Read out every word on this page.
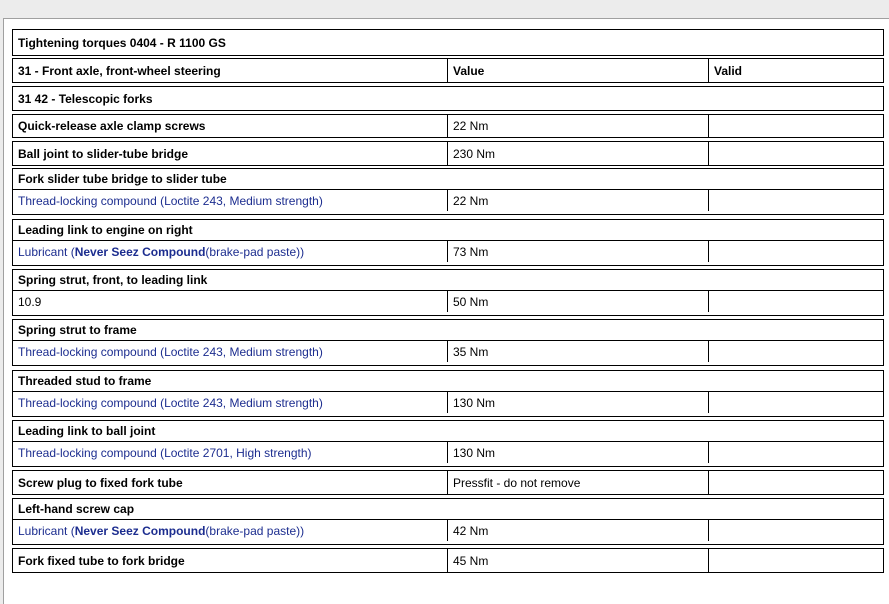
Tightening torques 0404 - R 1100 GS
31 - Front axle, front-wheel steering	Value	Valid
31 42 - Telescopic forks
Quick-release axle clamp screws	22 Nm
Ball joint to slider-tube bridge	230 Nm
Fork slider tube bridge to slider tube
Thread-locking compound (Loctite 243, Medium strength)	22 Nm
Leading link to engine on right
Lubricant ( Never Seez Compound (brake-pad paste))	73 Nm
Spring strut, front, to leading link
10.9	50 Nm
Spring strut to frame
Thread-locking compound (Loctite 243, Medium strength)	35 Nm
Threaded stud to frame
Thread-locking compound (Loctite 243, Medium strength)	130 Nm
Leading link to ball joint
Thread-locking compound (Loctite 2701, High strength)	130 Nm
Screw plug to fixed fork tube	Pressfit - do not remove
Left-hand screw cap
Lubricant ( Never Seez Compound (brake-pad paste))	42 Nm
Fork fixed tube to fork bridge	45 Nm
